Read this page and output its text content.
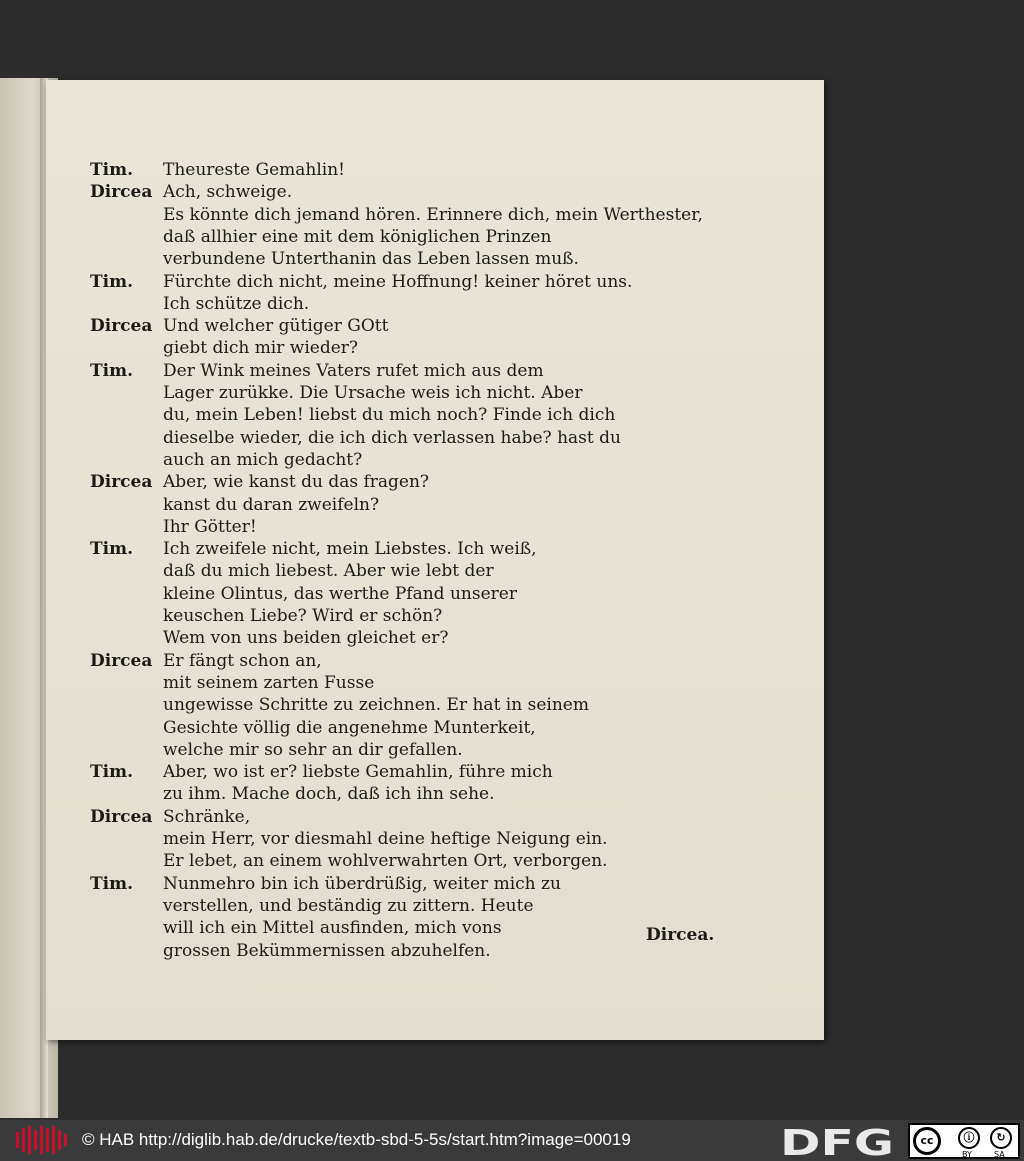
Tim. Theureste Gemahlin!
Dircea Ach, schweige.
Es könnte dich jemand hören. Erinnere dich, mein Werthester,
daß allhier eine mit dem königlichen Prinzen
verbundene Unterthanin das Leben lassen muß.
Tim. Fürchte dich nicht, meine Hoffnung! keiner höret uns.
Ich schütze dich.
Dircea Und welcher gütiger GOtt
giebt dich mir wieder?
Tim. Der Wink meines Vaters rufet mich aus dem
Lager zurükke. Die Ursache weis ich nicht. Aber
du, mein Leben! liebst du mich noch? Finde ich dich
dieselbe wieder, die ich dich verlassen habe? hast du
auch an mich gedacht?
Dircea Aber, wie kanst du das fragen?
kanst du daran zweifeln?
Ihr Götter!
Tim. Ich zweifele nicht, mein Liebstes. Ich weiß,
daß du mich liebest. Aber wie lebt der
kleine Olintus, das werthe Pfand unserer
keuschen Liebe? Wird er schön?
Wem von uns beiden gleichet er?
Dircea Er fängt schon an,
mit seinem zarten Fusse
ungewisse Schritte zu zeichnen. Er hat in seinem
Gesichte völlig die angenehme Munterkeit,
welche mir so sehr an dir gefallen.
Tim. Aber, wo ist er? liebste Gemahlin, führe mich
zu ihm. Mache doch, daß ich ihn sehe.
Dircea Schränke,
mein Herr, vor diesmahl deine heftige Neigung ein.
Er lebet, an einem wohlverwahrten Ort, verborgen.
Tim. Nunmehro bin ich überdrüßig, weiter mich zu
verstellen, und beständig zu zittern. Heute
will ich ein Mittel ausfinden, mich vons
grossen Bekümmernissen abzuhelfen.
Dircea.
© HAB http://diglib.hab.de/drucke/textb-sbd-5-5s/start.htm?image=00019	DFG	cc	ⓘ	↻
BY	SA
